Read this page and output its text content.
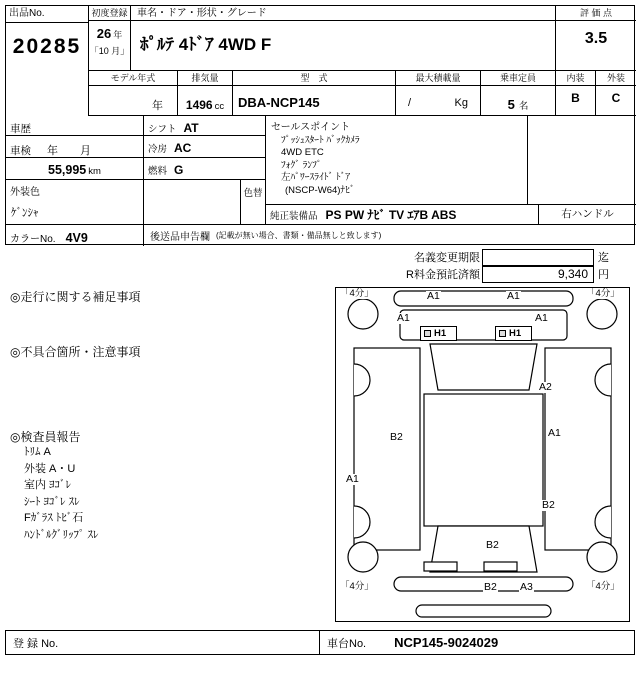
出品No.
20285
初度登録
26 年
「10 月」
車名・ドア・形状・グレード
ﾎﾟﾙﾃ 4ﾄﾞｱ 4WD F
評 価 点
3.5
モデル年式
年
排気量
1496 cc
型　式
DBA-NCP145
最大積載量
/	Kg
乗車定員
5 名
内装
B
外装
C
車歴	シフト AT
車検 年　　月	冷房 AC
55,995 km	燃料 G
外装色
ｹﾞﾝｼｬ
色替
カラーNo. 4V9	後送品申告欄 (記載が無い場合、書類・備品無しと致します)
セールスポイント
ﾌﾟｯｼｭｽﾀｰﾄ ﾊﾞｯｸｶﾒﾗ
4WD ETC
ﾌｫｸﾞ ﾗﾝﾌﾟ
左ﾊﾟﾜｰｽﾗｲﾄﾞ ﾄﾞｱ
(NSCP-W64)ﾅﾋﾞ
純正装備品 PS PW ﾅﾋﾞ TV ｴｱB ABS	右ハンドル
名義変更期限	迄
R料金預託済額	9,340 円
◎走行に関する補足事項
◎不具合箇所・注意事項
◎検査員報告
ﾄﾘﾑ A
外装 A・U
室内 ﾖｺﾞﾚ
ｼｰﾄ ﾖｺﾞﾚ ｽﾚ
Fｶﾞﾗｽ ﾄﾋﾞ石
ﾊﾝﾄﾞﾙｸﾞﾘｯﾌﾟ ｽﾚ
「4分」	「4分」
「4分」	「4分」
A1	A1
A1	A1
H1	H1
A2
B2	A1
A1
B2
B2
B2 A3
登 録 No.	車台No. NCP145-9024029
